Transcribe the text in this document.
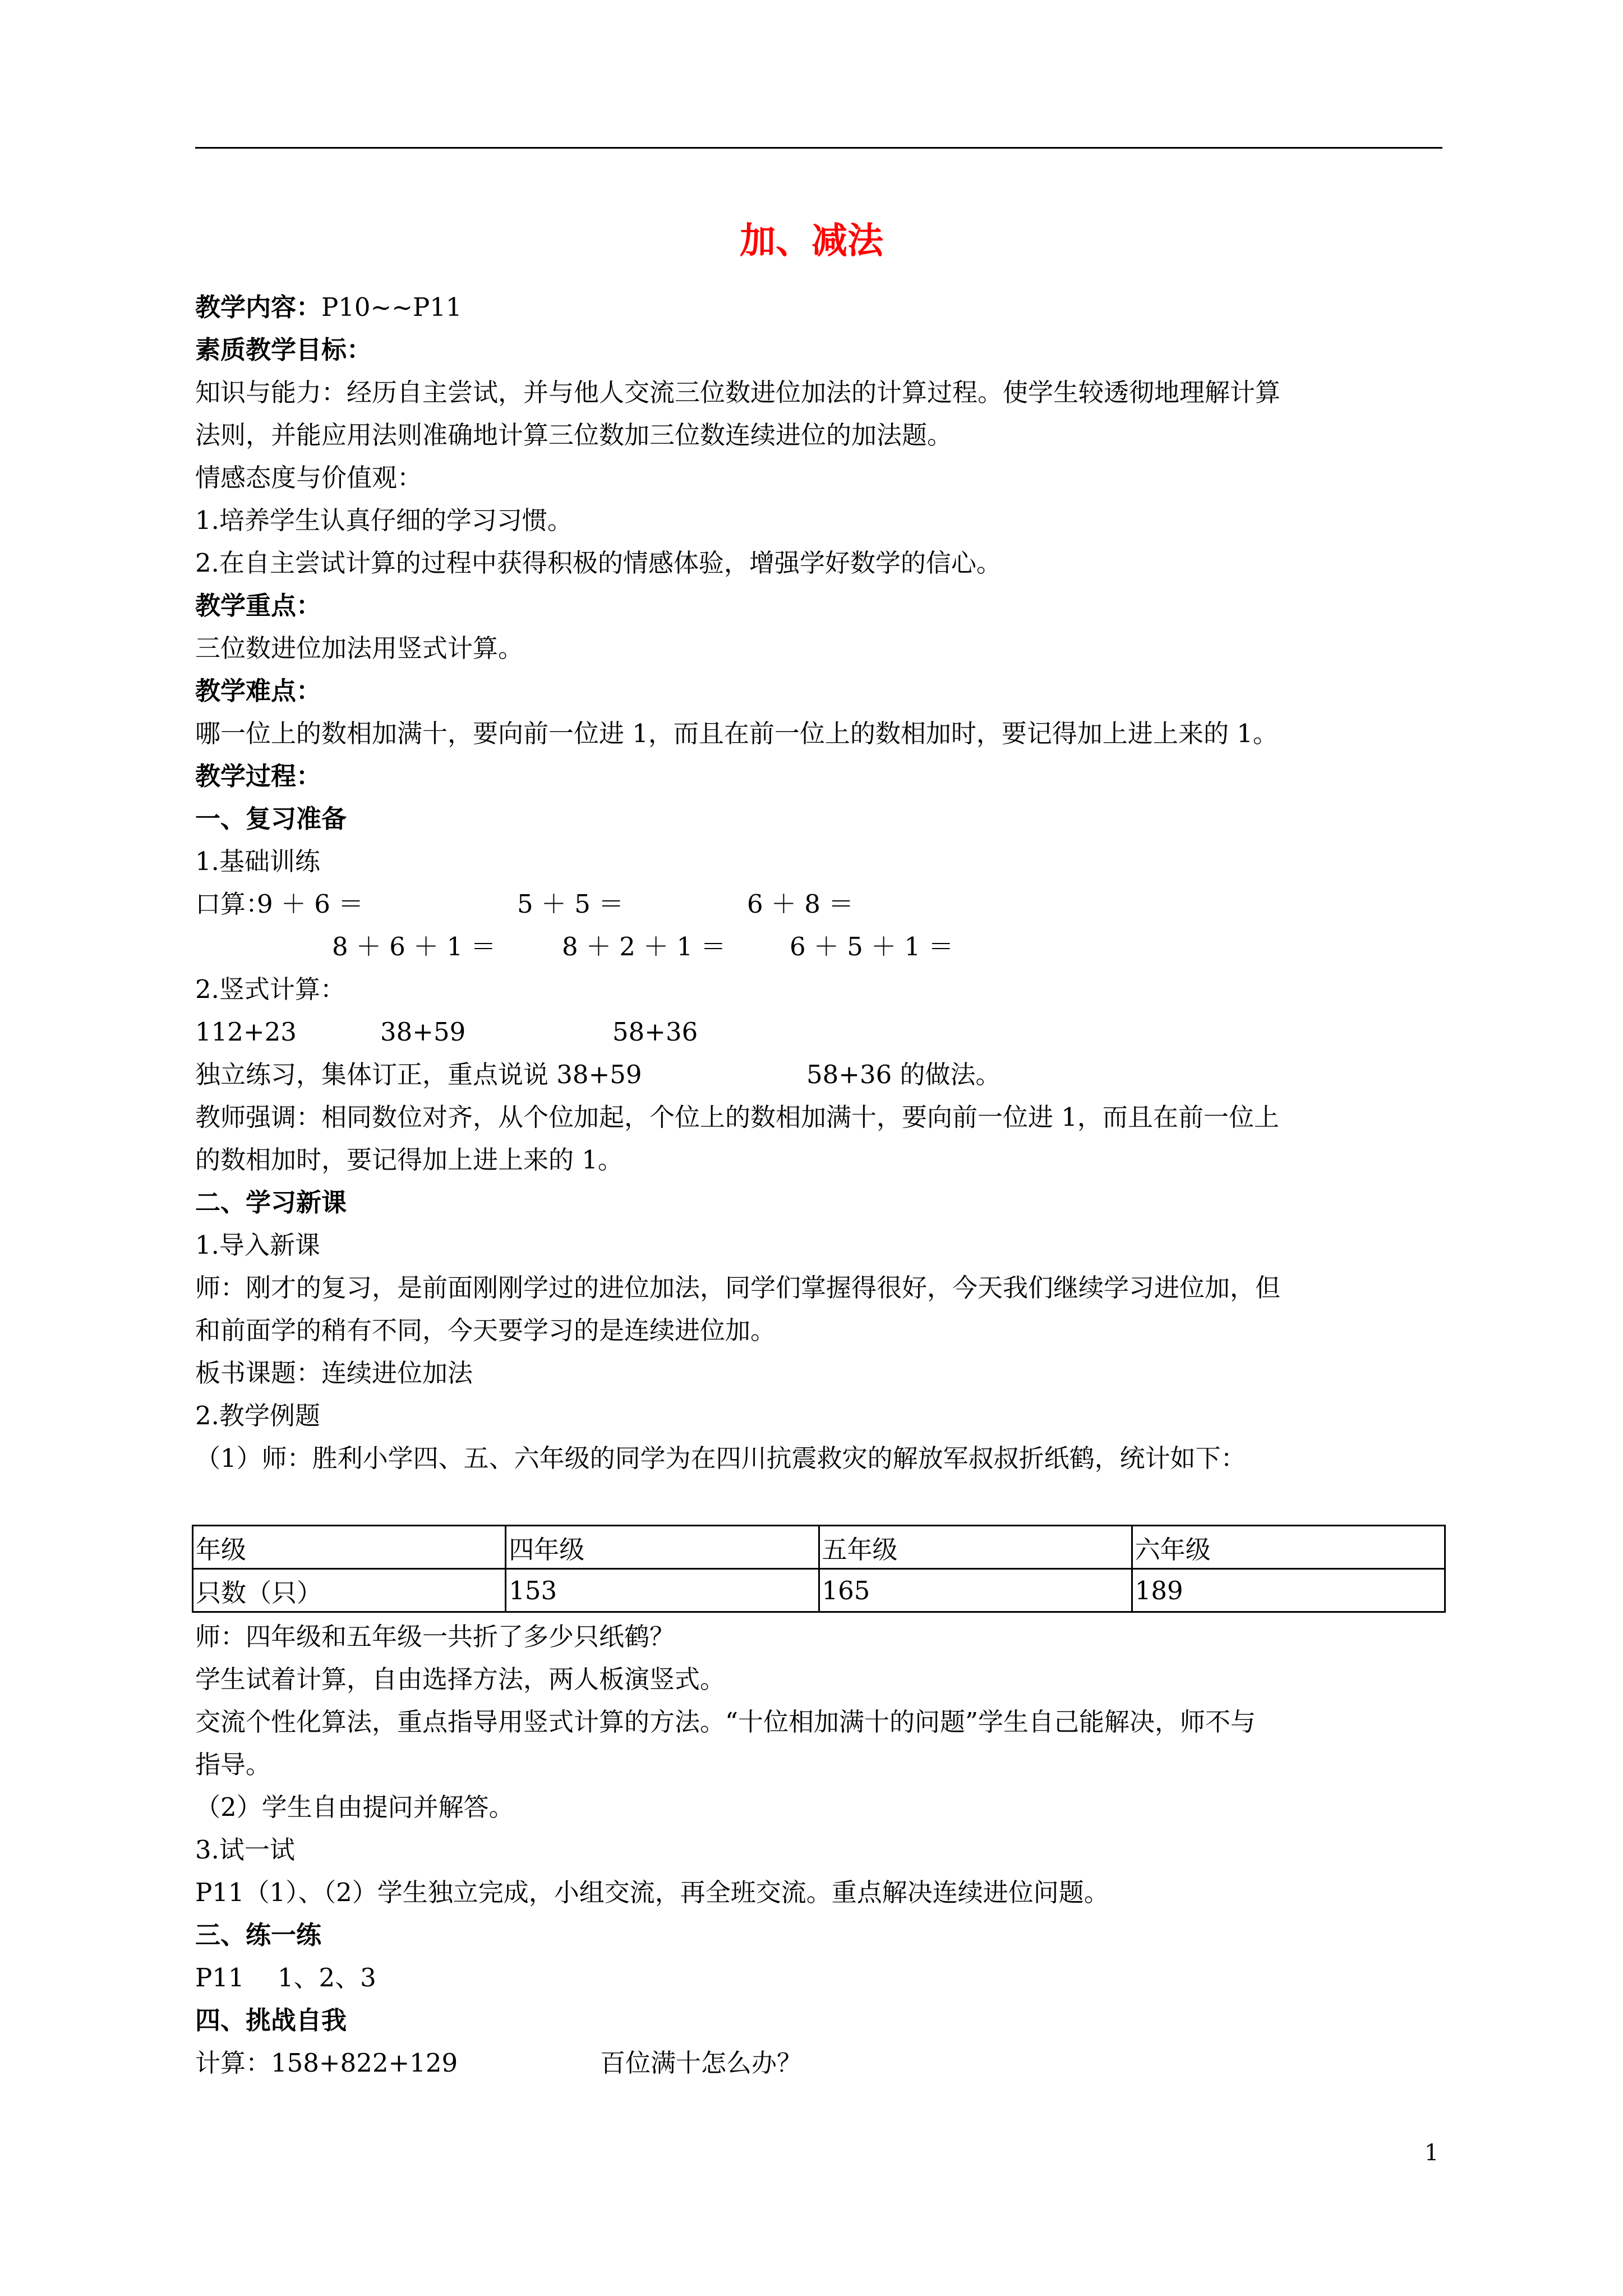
加、减法
教学内容：P10~~P11
素质教学目标：
知识与能力：经历自主尝试，并与他人交流三位数进位加法的计算过程。使学生较透彻地理解计算
法则，并能应用法则准确地计算三位数加三位数连续进位的加法题。
情感态度与价值观：
1.培养学生认真仔细的学习习惯。
2.在自主尝试计算的过程中获得积极的情感体验，增强学好数学的信心。
教学重点：
三位数进位加法用竖式计算。
教学难点：
哪一位上的数相加满十，要向前一位进 1，而且在前一位上的数相加时，要记得加上进上来的 1。
教学过程：
一、复习准备
1.基础训练
口算：
9 ＋ 6 ＝	5 ＋ 5 ＝	6 ＋ 8 ＝
8 ＋ 6 ＋ 1 ＝	8 ＋ 2 ＋ 1 ＝	6 ＋ 5 ＋ 1 ＝
2.竖式计算：
112+23	38+59	58+36
独立练习，集体订正，重点说说 38+59	58+36 的做法。
教师强调：相同数位对齐，从个位加起，个位上的数相加满十，要向前一位进 1，而且在前一位上
的数相加时，要记得加上进上来的 1。
二、学习新课
1.导入新课
师：刚才的复习，是前面刚刚学过的进位加法，同学们掌握得很好，今天我们继续学习进位加，但
和前面学的稍有不同，今天要学习的是连续进位加。
板书课题：连续进位加法
2.教学例题
（1）师：胜利小学四、五、六年级的同学为在四川抗震救灾的解放军叔叔折纸鹤，统计如下：
年级	四年级	五年级	六年级
只数（只）	153	165	189
师：四年级和五年级一共折了多少只纸鹤？
学生试着计算，自由选择方法，两人板演竖式。
交流个性化算法，重点指导用竖式计算的方法。“十位相加满十的问题”学生自己能解决，师不与
指导。
（2）学生自由提问并解答。
3.试一试
P11（1）、（2）学生独立完成，小组交流，再全班交流。重点解决连续进位问题。
三、练一练
P11　 1、2、3
四、挑战自我
计算：158+822+129	百位满十怎么办？
1
